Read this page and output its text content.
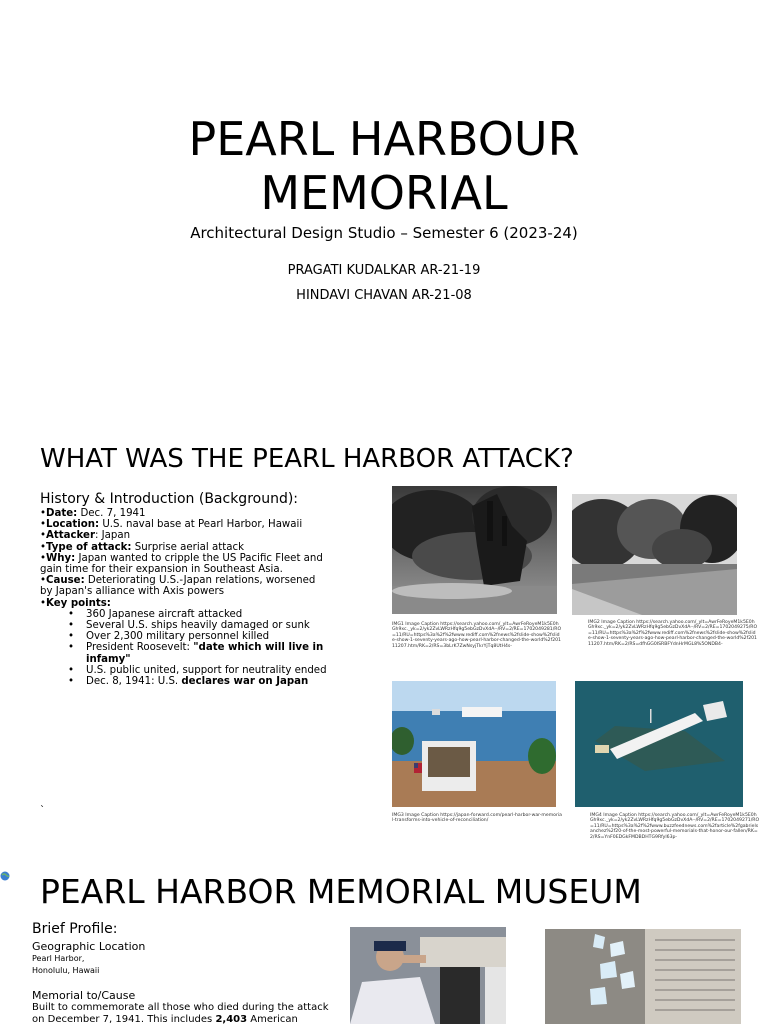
PEARL HARBOUR
MEMORIAL
Architectural Design Studio – Semester 6 (2023-24)
PRAGATI KUDALKAR AR-21-19
HINDAVI CHAVAN AR-21-08
WHAT WAS THE PEARL HARBOR ATTACK?
History & Introduction (Background):
•Date: Dec. 7, 1941
•Location: U.S. naval base at Pearl Harbor, Hawaii
•Attacker: Japan
•Type of attack: Surprise aerial attack
•Why: Japan wanted to cripple the US Pacific Fleet and gain time for their expansion in Southeast Asia.
•Cause: Deteriorating U.S.-Japan relations, worsened by Japan's alliance with Axis powers
•Key points:
• 360 Japanese aircraft attacked
• Several U.S. ships heavily damaged or sunk
• Over 2,300 military personnel killed
• President Roosevelt: "date which will live in infamy"
• U.S. public united, support for neutrality ended
• Dec. 8, 1941: U.S. declares war on Japan
`
IMG1 Image Caption https://search.yahoo.com/_ylt=AwrFeRoyeM1k5E0hGh9xc._yk=2/yk2ZvLWRzHfq9g5ebGzDvXdA--/RV=2/RE=1702049281/RO=11/RU=https%3a%2f%2fwww.rediff.com%2fnews%2fslide-show%2fslide-show-1-seventy-years-ago-how-pearl-harbor-changed-the-world%2f20111207.htm/RK=2/RS=3bLrK7ZwNsyjTkrYjTq8UtH4s-
IMG2 Image Caption https://search.yahoo.com/_ylt=AwrFeRoyeM1k5E0hGh9xc._yk=2/yk2ZvLWRzHfq9g5ebGzDvXdA--/RV=2/RE=1702049275/RO=11/RU=https%3a%2f%2fwww.rediff.com%2fnews%2fslide-show%2fslide-show-1-seventy-years-ago-how-pearl-harbor-changed-the-world%2f20111207.htm/RK=2/RS=dfhGG0ISRBFYdnHrMGL8%5ONDB4-
IMG3 Image Caption https://japan-forward.com/pearl-harbor-war-memorial-transforms-into-vehicle-of-reconciliation/
IMG4 Image Caption https://search.yahoo.com/_ylt=AwrFeRoyeM1k5E0hGh9xc._yk=2/yk2ZvLWRzHfq9g5ebGzDvXdA--/RV=2/RE=1702049271/RO=11/RU=https%3a%2f%2fwww.buzzfeednews.com%2farticle%2fgabrielsanchez%2f20-of-the-most-powerful-memorials-that-honor-our-fallen/RK=2/RS=YnF0EDGkFMDBDHTG9Rfyl63p-
PEARL HARBOR MEMORIAL MUSEUM
Brief Profile:
Geographic Location
Pearl Harbor,
Honolulu, Hawaii
Memorial to/Cause
Built to commemorate all those who died during the attack on December 7, 1941. This includes 2,403 American
